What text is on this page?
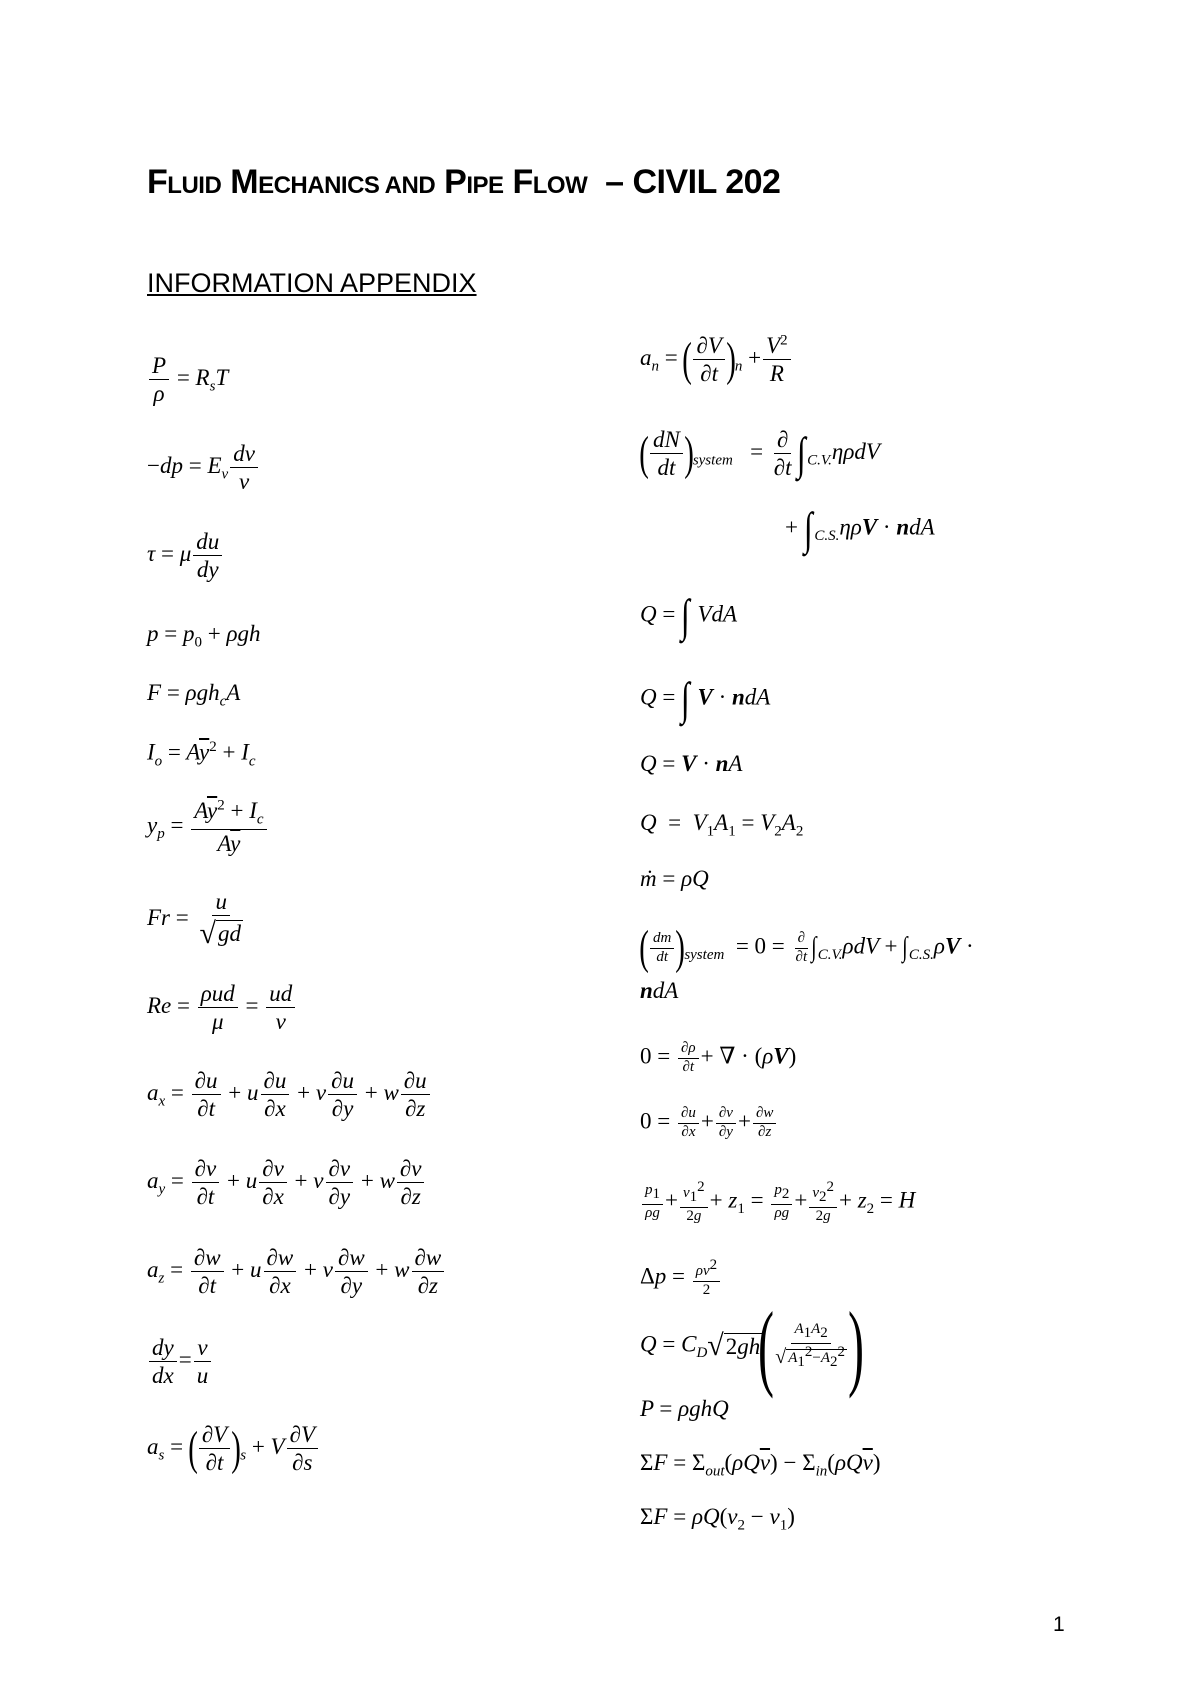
FLUID MECHANICS AND PIPE FLOW – CIVIL 202
INFORMATION APPENDIX
$\frac{P}{\rho} = R_sT$
$-dp = E_v \frac{dv}{v}$
τ = μ $\frac{du}{dy}$
$p = p_0 + \rho gh$
F = ρgh$_c$A
$I_o = A\overline{y}^2 + I_c$
$y_p = \frac{A\overline{y}^2 + I_c}{A\overline{y}}$
$Fr = \frac{u}{√gd}$
$Re = \frac{\text{ρud}}{\mu} = \frac{ud}{\nu}$
$a_x = \frac{\partial u}{\partial t} + u \frac{\partial u}{\partial x} + v \frac{\partial u}{\partial y} + w \frac{\partial u}{\partial z}$
$a_y = \frac{\partial v}{\partial t} + u \frac{\partial v}{\partial x} + v \frac{\partial v}{\partial y} + w \frac{\partial v}{\partial z}$
$a_z = \frac{\partial w}{\partial t} + u \frac{\partial w}{\partial x} + v \frac{\partial w}{\partial y} + w \frac{\partial w}{\partial z}$
$\frac{dy}{dx} = \frac{v}{u}$
$a_s$ = ( $\frac{\partial V}{\partial t} )_s + V \frac{\partial V}{\partial s}$
$a_n$ = ( $\frac{\partial V}{\partial t} )_n + \frac{V^2}{R}$
( $\frac{dN}{dt} )_{system} = \frac{\partial}{\partial t}$ ∫ $_{C.V.}$ηρdV
+ ∫ $_{C.S.}$ηρV · ndA
Q = ∫ VdA
Q = ∫ V · ndA
Q = V · nA
$Q = V_1A_1 = V_2A_2$
ṁ = ρQ
( $\frac{dm}{dt} )_{system} = 0 = \frac{\partial}{\partial t} \int_{C.V.}\rho dV + \int_{C.S.}\rho V$ ·
ndA
$0 = \frac{\partial\rho}{\partial t}$ + ∇ · (ρV)
$0 = \frac{\partial u}{\partial x} + \frac{\partial v}{\partial y} + \frac{\partial w}{\partial z}$
$\frac{p_1}{\rho g} + \frac{v_1^2}{2g} + z_1 = \frac{p_2}{\rho g} + \frac{v_2^2}{2g} + z_2 = H$
$\Delta p = \frac{\rho v^2}{2}$
$Q = C_D√2gh$(
$\frac{A_1A_2}{√ A_1^2-A_2^2}$
)
P = ρghQ
$\Sigma F = \Sigma_{out}(\rho Q\overline{v}) - \Sigma_{in}(\rho Q\overline{v})$
$\Sigma F = \rho Q(v_2 - v_1)$
1
